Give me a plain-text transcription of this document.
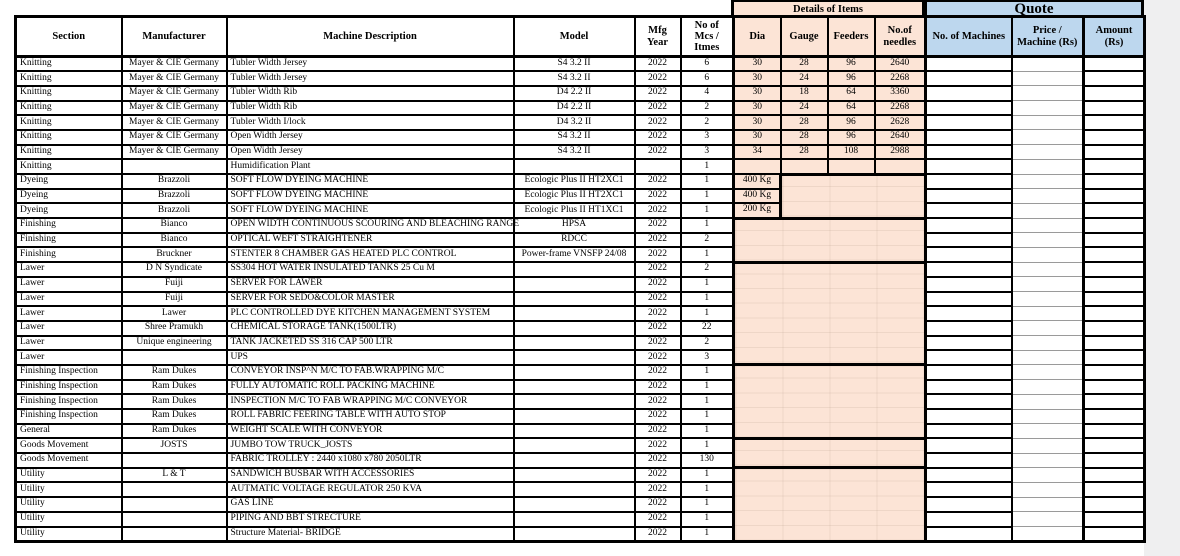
Details of Items	Quote
Section	Manufacturer	Machine Description	Model	Mfg Year	No of Mcs / Itmes	Dia	Gauge	Feeders	No.of needles	No. of Machines	Price / Machine (Rs)	Amount (Rs)
Knitting	Mayer & CIE Germany	Tubler Width Jersey	S4 3.2 II	2022	6	30	28	96	2640			
Knitting	Mayer & CIE Germany	Tubler Width Jersey	S4 3.2 II	2022	6	30	24	96	2268			
Knitting	Mayer & CIE Germany	Tubler Width Rib	D4 2.2 II	2022	4	30	18	64	3360			
Knitting	Mayer & CIE Germany	Tubler Width Rib	D4 2.2 II	2022	2	30	24	64	2268			
Knitting	Mayer & CIE Germany	Tubler Width I/lock	D4 3.2 II	2022	2	30	28	96	2628			
Knitting	Mayer & CIE Germany	Open Width Jersey	S4 3.2 II	2022	3	30	28	96	2640			
Knitting	Mayer & CIE Germany	Open Width Jersey	S4 3.2 II	2022	3	34	28	108	2988			
Knitting		Humidification Plant			1							
Dyeing	Brazzoli	SOFT FLOW DYEING MACHINE	Ecologic Plus II HT2XC1	2022	1	400 Kg						
Dyeing	Brazzoli	SOFT FLOW DYEING MACHINE	Ecologic Plus II HT2XC1	2022	1	400 Kg						
Dyeing	Brazzoli	SOFT FLOW DYEING MACHINE	Ecologic Plus II HT1XC1	2022	1	200 Kg						
Finishing	Bianco	OPEN WIDTH CONTINUOUS SCOURING AND BLEACHING RANGE	HPSA	2022	1							
Finishing	Bianco	OPTICAL WEFT STRAIGHTENER	RDCC	2022	2							
Finishing	Bruckner	STENTER 8 CHAMBER GAS HEATED PLC CONTROL	Power-frame VNSFP 24/08	2022	1							
Lawer	D N Syndicate	SS304 HOT WATER INSULATED TANKS 25 Cu M		2022	2							
Lawer	Fuiji	SERVER FOR LAWER		2022	1							
Lawer	Fuiji	SERVER FOR SEDO&COLOR MASTER		2022	1							
Lawer	Lawer	PLC CONTROLLED DYE KITCHEN MANAGEMENT SYSTEM		2022	1							
Lawer	Shree Pramukh	CHEMICAL STORAGE TANK(1500LTR)		2022	22							
Lawer	Unique engineering	TANK JACKETED SS 316 CAP 500 LTR		2022	2							
Lawer		UPS		2022	3							
Finishing Inspection	Ram Dukes	CONVEYOR INSP^N M/C TO FAB.WRAPPING M/C		2022	1							
Finishing Inspection	Ram Dukes	FULLY AUTOMATIC ROLL PACKING MACHINE		2022	1							
Finishing Inspection	Ram Dukes	INSPECTION M/C TO FAB WRAPPING M/C CONVEYOR		2022	1							
Finishing Inspection	Ram Dukes	ROLL FABRIC FEERING TABLE WITH AUTO STOP		2022	1							
General	Ram Dukes	WEIGHT SCALE WITH CONVEYOR		2022	1							
Goods Movement	JOSTS	JUMBO TOW TRUCK_JOSTS		2022	1							
Goods Movement		FABRIC TROLLEY : 2440 x1080 x780 2050LTR		2022	130							
Utility	L & T	SANDWICH BUSBAR WITH ACCESSORIES		2022	1							
Utility		AUTMATIC VOLTAGE REGULATOR 250 KVA		2022	1							
Utility		GAS LINE		2022	1							
Utility		PIPING AND BBT STRECTURE		2022	1							
Utility		Structure Material- BRIDGE		2022	1							
